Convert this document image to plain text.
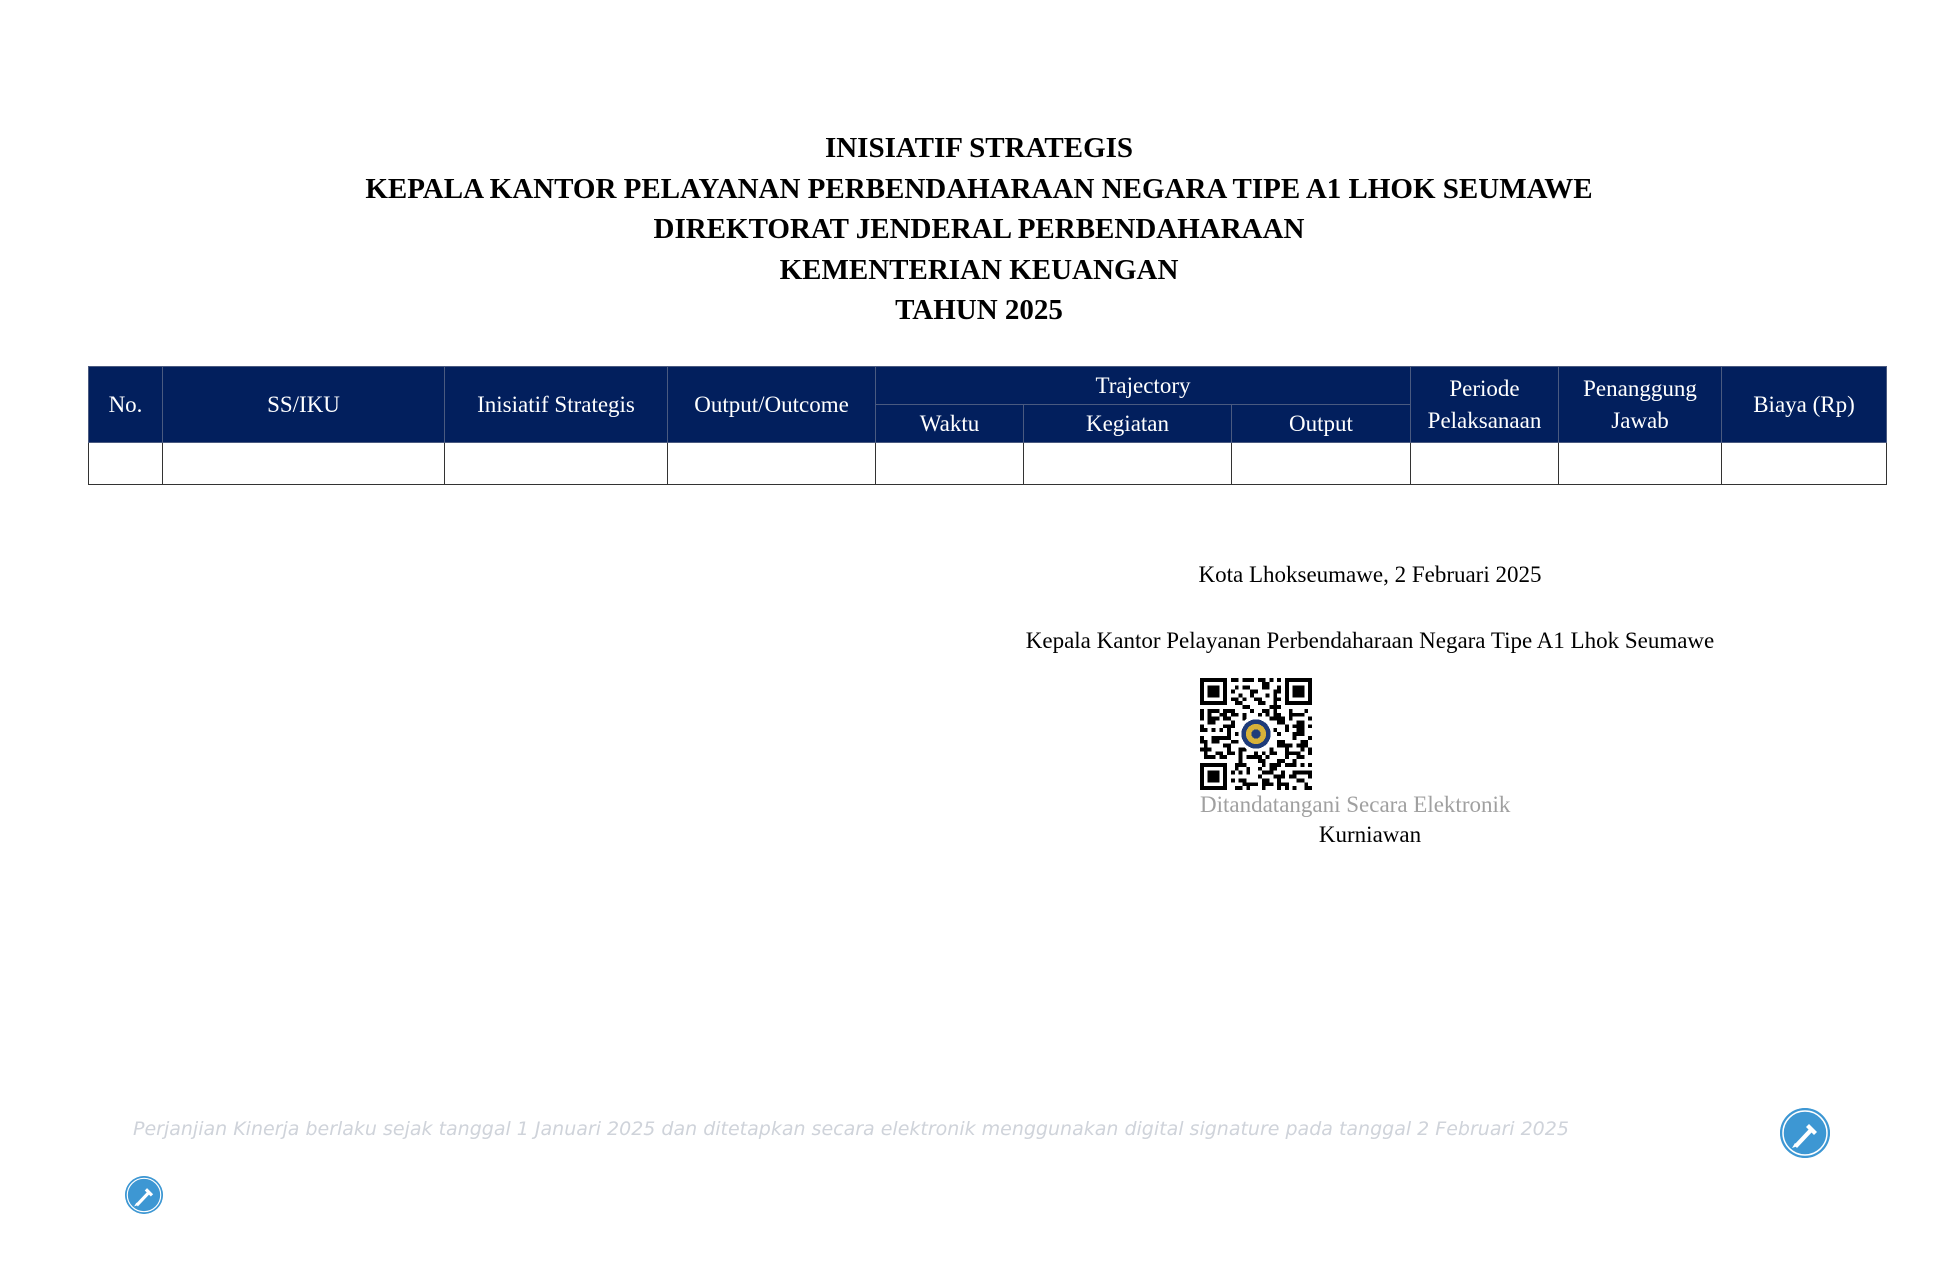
INISIATIF STRATEGIS
KEPALA KANTOR PELAYANAN PERBENDAHARAAN NEGARA TIPE A1 LHOK SEUMAWE
DIREKTORAT JENDERAL PERBENDAHARAAN
KEMENTERIAN KEUANGAN
TAHUN 2025
No.	SS/IKU	Inisiatif Strategis	Output/Outcome	Trajectory			Periode Pelaksanaan	Penanggung Jawab	Biaya (Rp)
				Waktu	Kegiatan	Output			

Kota Lhokseumawe, 2 Februari 2025
Kepala Kantor Pelayanan Perbendaharaan Negara Tipe A1 Lhok Seumawe
Ditandatangani Secara Elektronik
Kurniawan
Perjanjian Kinerja berlaku sejak tanggal 1 Januari 2025 dan ditetapkan secara elektronik menggunakan digital signature pada tanggal 2 Februari 2025
